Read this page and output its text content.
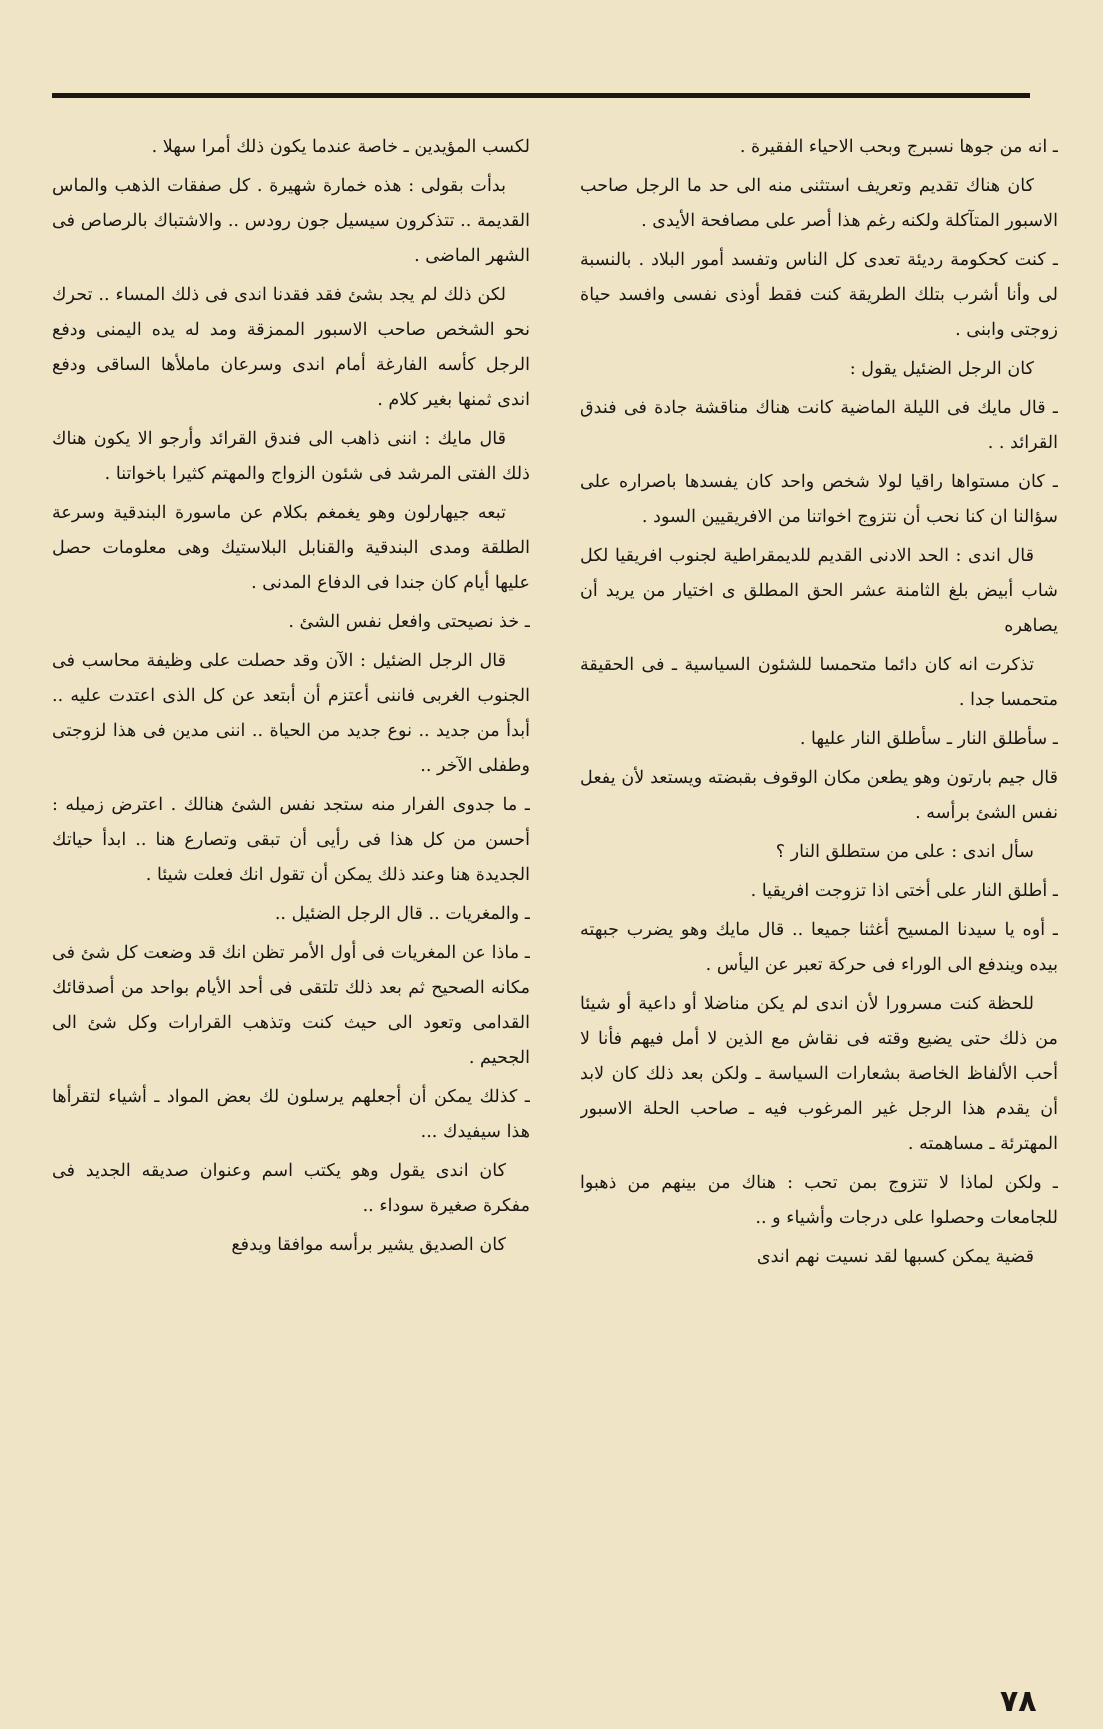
ـ انه من جوها نسبرج وبحب الاحياء الفقيرة .

كان هناك تقديم وتعريف استثنى منه الى حد ما الرجل صاحب الاسبور المتآكلة ولكنه رغم هذا أصر على مصافحة الأيدى .

ـ كنت كحكومة رديئة تعدى كل الناس وتفسد أمور البلاد . بالنسبة لى وأنا أشرب بتلك الطريقة كنت فقط أوذى نفسى وافسد حياة زوجتى وابنى .

كان الرجل الضئيل يقول :

ـ قال مايك فى الليلة الماضية كانت هناك مناقشة جادة فى فندق القرائد . .

ـ كان مستواها راقيا لولا شخص واحد كان يفسدها باصراره على سؤالنا ان كنا نحب أن نتزوج اخواتنا من الافريقيين السود .

قال اندى : الحد الادنى القديم للديمقراطية لجنوب افريقيا لكل شاب أبيض بلغ الثامنة عشر الحق المطلق ى اختيار من يريد أن يصاهره

تذكرت انه كان دائما متحمسا للشئون السياسية ـ فى الحقيقة متحمسا جدا .

ـ سأطلق النار ـ سأطلق النار عليها .

قال جيم بارتون وهو يطعن مكان الوقوف بقبضته ويستعد لأن يفعل نفس الشئ برأسه .

سأل اندى : على من ستطلق النار ؟

ـ أطلق النار على أختى اذا تزوجت افريقيا .

ـ أوه يا سيدنا المسيح أغثنا جميعا .. قال مايك وهو يضرب جبهته بيده ويندفع الى الوراء فى حركة تعبر عن اليأس .

للحظة كنت مسرورا لأن اندى لم يكن مناضلا أو داعية أو شيئا من ذلك حتى يضيع وقته فى نقاش مع الذين لا أمل فيهم فأنا لا أحب الألفاظ الخاصة بشعارات السياسة ـ ولكن بعد ذلك كان لابد أن يقدم هذا الرجل غير المرغوب فيه ـ صاحب الحلة الاسبور المهترئة ـ مساهمته .

ـ ولكن لماذا لا تتزوج بمن تحب : هناك من بينهم من ذهبوا للجامعات وحصلوا على درجات وأشياء و ..

قضية يمكن كسبها لقد نسيت نهم اندى

لكسب المؤيدين ـ خاصة عندما يكون ذلك أمرا سهلا .

بدأت بقولى : هذه خمارة شهيرة . كل صفقات الذهب والماس القديمة .. تتذكرون سيسيل جون رودس .. والاشتباك بالرصاص فى الشهر الماضى .

لكن ذلك لم يجد بشئ فقد فقدنا اندى فى ذلك المساء .. تحرك نحو الشخص صاحب الاسبور الممزقة ومد له يده اليمنى ودفع الرجل كأسه الفارغة أمام اندى وسرعان ماملأها الساقى ودفع اندى ثمنها بغير كلام .

قال مايك : اننى ذاهب الى فندق القرائد وأرجو الا يكون هناك ذلك الفتى المرشد فى شئون الزواج والمهتم كثيرا باخواتنا .

تبعه جيهارلون وهو يغمغم بكلام عن ماسورة البندقية وسرعة الطلقة ومدى البندقية والقنابل البلاستيك وهى معلومات حصل عليها أيام كان جندا فى الدفاع المدنى .

ـ خذ نصيحتى وافعل نفس الشئ .

قال الرجل الضئيل : الآن وقد حصلت على وظيفة محاسب فى الجنوب الغربى فاننى أعتزم أن أبتعد عن كل الذى اعتدت عليه .. أبدأ من جديد .. نوع جديد من الحياة .. اننى مدين فى هذا لزوجتى وطفلى الآخر ..

ـ ما جدوى الفرار منه ستجد نفس الشئ هنالك . اعترض زميله : أحسن من كل هذا فى رأيى أن تبقى وتصارع هنا .. ابدأ حياتك الجديدة هنا وعند ذلك يمكن أن تقول انك فعلت شيئا .

ـ والمغريات .. قال الرجل الضئيل ..

ـ ماذا عن المغريات فى أول الأمر تظن انك قد وضعت كل شئ فى مكانه الصحيح ثم بعد ذلك تلتقى فى أحد الأيام بواحد من أصدقائك القدامى وتعود الى حيث كنت وتذهب القرارات وكل شئ الى الجحيم .

ـ كذلك يمكن أن أجعلهم يرسلون لك بعض المواد ـ أشياء لتقرأها هذا سيفيدك ...

كان اندى يقول وهو يكتب اسم وعنوان صديقه الجديد فى مفكرة صغيرة سوداء ..

كان الصديق يشير برأسه موافقا ويدفع

٧٨
